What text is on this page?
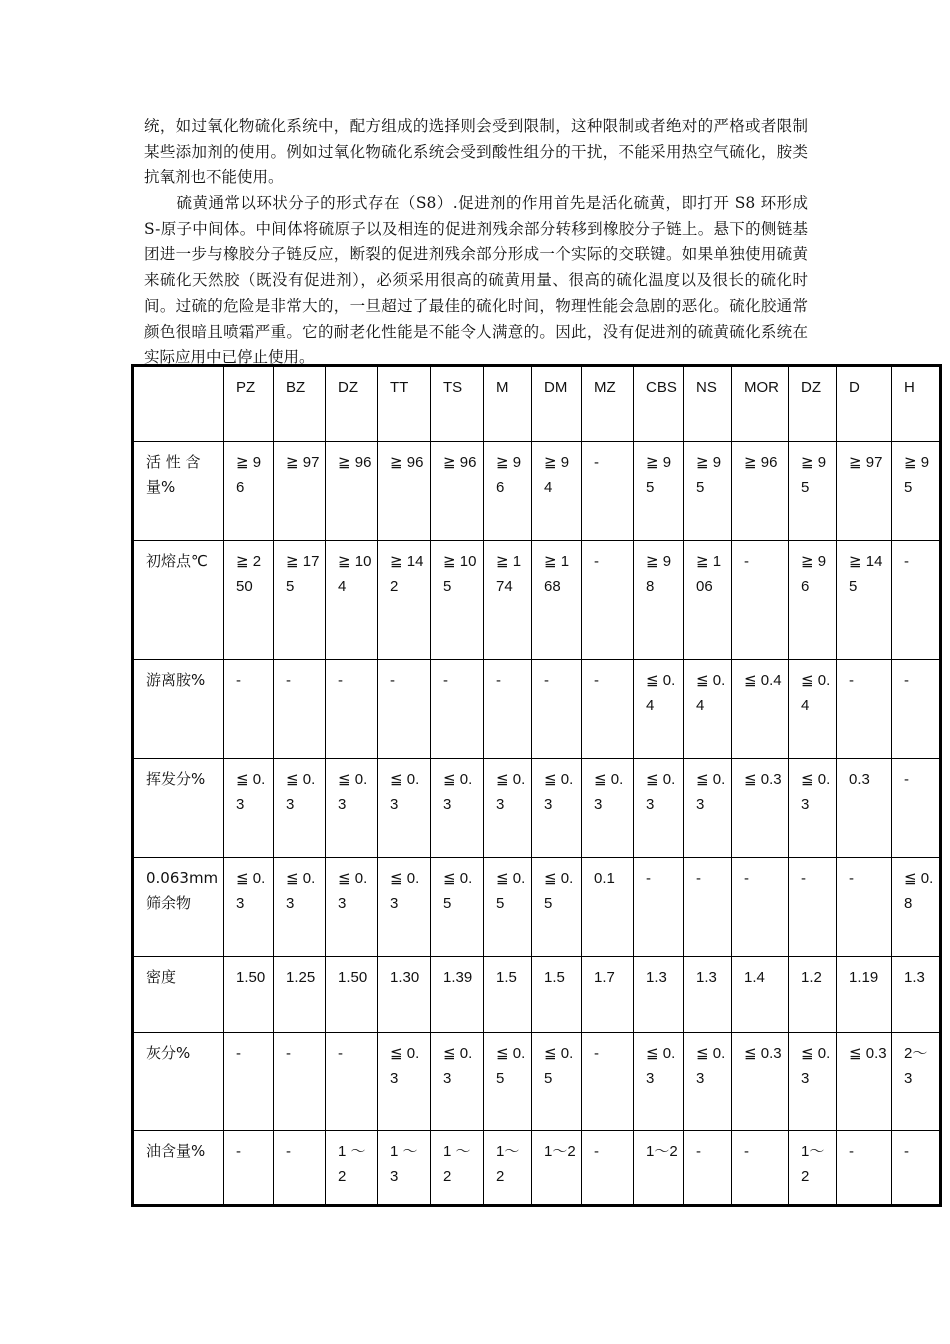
统，如过氧化物硫化系统中，配方组成的选择则会受到限制，这种限制或者绝对的严格或者限制某些添加剂的使用。例如过氧化物硫化系统会受到酸性组分的干扰，不能采用热空气硫化，胺类抗氧剂也不能使用。

硫黄通常以环状分子的形式存在（S8）.促进剂的作用首先是活化硫黄，即打开 S8 环形成 S-原子中间体。中间体将硫原子以及相连的促进剂残余部分转移到橡胶分子链上。悬下的侧链基团进一步与橡胶分子链反应，断裂的促进剂残余部分形成一个实际的交联键。如果单独使用硫黄来硫化天然胶（既没有促进剂），必须采用很高的硫黄用量、很高的硫化温度以及很长的硫化时间。过硫的危险是非常大的，一旦超过了最佳的硫化时间，物理性能会急剧的恶化。硫化胶通常颜色很暗且喷霜严重。它的耐老化性能是不能令人满意的。因此，没有促进剂的硫黄硫化系统在实际应用中已停止使用。

	PZ	BZ	DZ	TT	TS	M	DM	MZ	CBS	NS	MOR	DZ	D	H
活 性 含量%	≧ 96	≧ 97	≧ 96	≧ 96	≧ 96	≧ 96	≧ 94	-	≧ 95	≧ 95	≧ 96	≧ 95	≧ 97	≧ 95
初熔点℃	≧ 250	≧ 175	≧ 104	≧ 142	≧ 105	≧ 174	≧ 168	-	≧ 98	≧ 106	-	≧ 96	≧ 145	-
游离胺%	-	-	-	-	-	-	-	-	≦ 0.4	≦ 0.4	≦ 0.4	≦ 0.4	-	-
挥发分%	≦ 0.3	≦ 0.3	≦ 0.3	≦ 0.3	≦ 0.3	≦ 0.3	≦ 0.3	≦ 0.3	≦ 0.3	≦ 0.3	≦ 0.3	≦ 0.3	0.3	-
0.063mm 筛余物	≦ 0.3	≦ 0.3	≦ 0.3	≦ 0.3	≦ 0.5	≦ 0.5	≦ 0.5	0.1	-	-	-	-	-	≦ 0.8
密度	1.50	1.25	1.50	1.30	1.39	1.5	1.5	1.7	1.3	1.3	1.4	1.2	1.19	1.3
灰分%	-	-	-	≦ 0.3	≦ 0.3	≦ 0.5	≦ 0.5	-	≦ 0.3	≦ 0.3	≦ 0.3	≦ 0.3	≦ 0.3	2～3
油含量%	-	-	1 ～ 2	1 ～ 3	1 ～ 2	1～2	1～2	-	1～2	-	-	1～2	-	-
